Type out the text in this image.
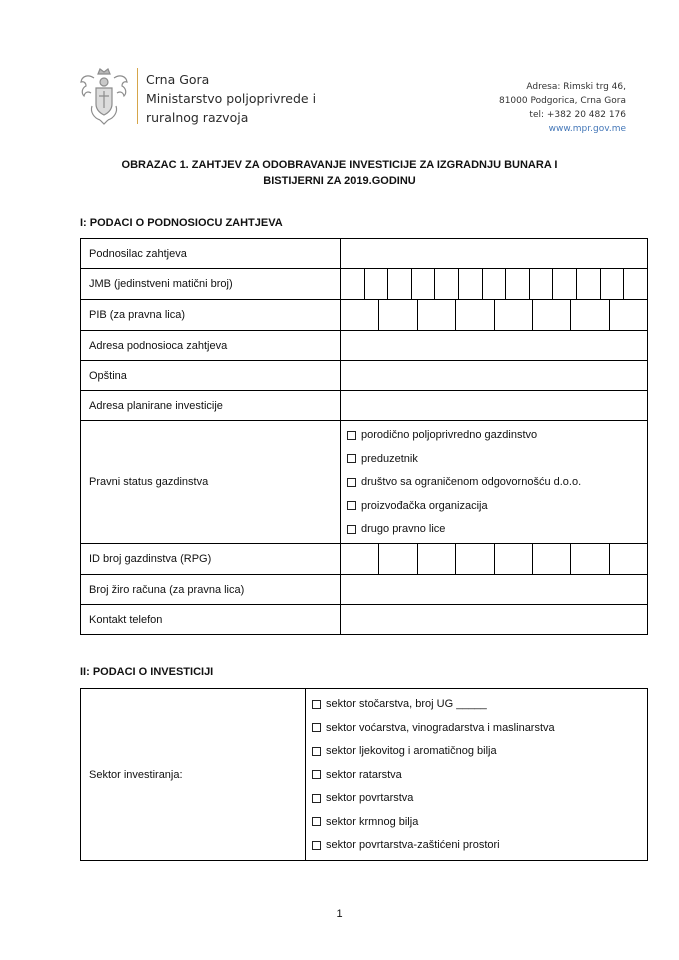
Crna Gora
Ministarstvo poljoprivrede i
ruralnog razvoja
Adresa: Rimski trg 46,
81000 Podgorica, Crna Gora
tel: +382 20 482 176
www.mpr.gov.me
OBRAZAC 1. ZAHTJEV ZA ODOBRAVANJE INVESTICIJE ZA IZGRADNJU BUNARA I
BISTIJERNI ZA 2019.GODINU
I: PODACI O PODNOSIOCU ZAHTJEVA
Podnosilac zahtjeva	
JMB (jedinstveni matični broj)	

PIB (za pravna lica)	

Adresa podnosioca zahtjeva	
Opština	
Adresa planirane investicije	
Pravni status gazdinstva	porodično poljoprivredno gazdinstvo
preduzetnik
društvo sa ograničenom odgovornošću d.o.o.
proizvođačka organizacija
drugo pravno lice

ID broj gazdinstva (RPG)	

Broj žiro računa (za pravna lica)	
Kontakt telefon	
II: PODACI O INVESTICIJI
Sektor investiranja:	
sektor stočarstva, broj UG _____
sektor voćarstva, vinogradarstva i maslinarstva
sektor ljekovitog i aromatičnog bilja
sektor ratarstva
sektor povrtarstva
sektor krmnog bilja
sektor povrtarstva-zaštićeni prostori
1
